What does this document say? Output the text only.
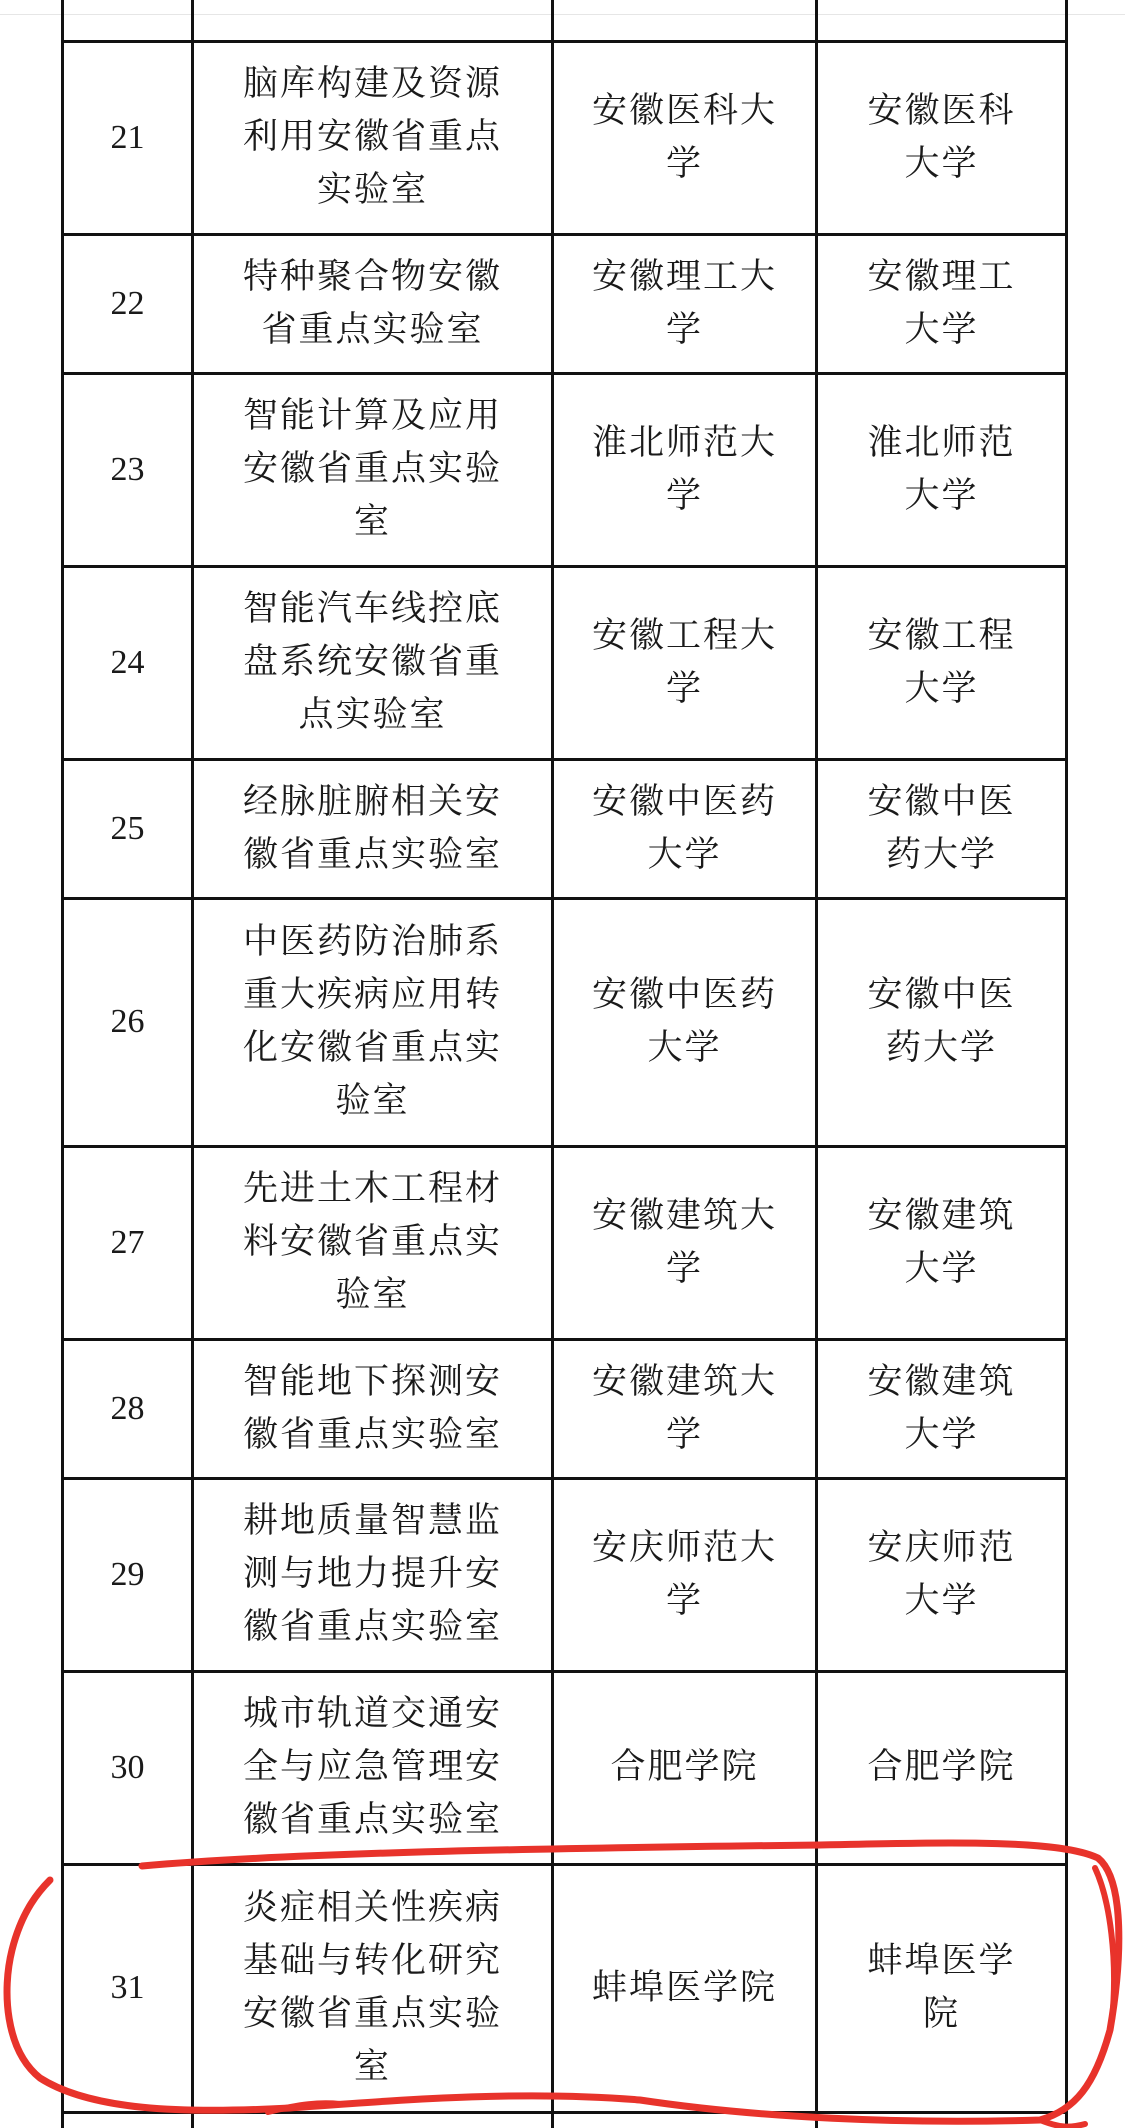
21	脑库构建及资源利用安徽省重点实验室	安徽医科大学	安徽医科大学

22	特种聚合物安徽省重点实验室	安徽理工大学	安徽理工大学

23	智能计算及应用安徽省重点实验室	淮北师范大学	淮北师范大学

24	智能汽车线控底盘系统安徽省重点实验室	安徽工程大学	安徽工程大学

25	经脉脏腑相关安徽省重点实验室	安徽中医药大学	安徽中医药大学

26	中医药防治肺系重大疾病应用转化安徽省重点实验室	安徽中医药大学	安徽中医药大学

27	先进土木工程材料安徽省重点实验室	安徽建筑大学	安徽建筑大学

28	智能地下探测安徽省重点实验室	安徽建筑大学	安徽建筑大学

29	耕地质量智慧监测与地力提升安徽省重点实验室	安庆师范大学	安庆师范大学

30	城市轨道交通安全与应急管理安徽省重点实验室	合肥学院	合肥学院

31	炎症相关性疾病基础与转化研究安徽省重点实验室	蚌埠医学院	蚌埠医学院
